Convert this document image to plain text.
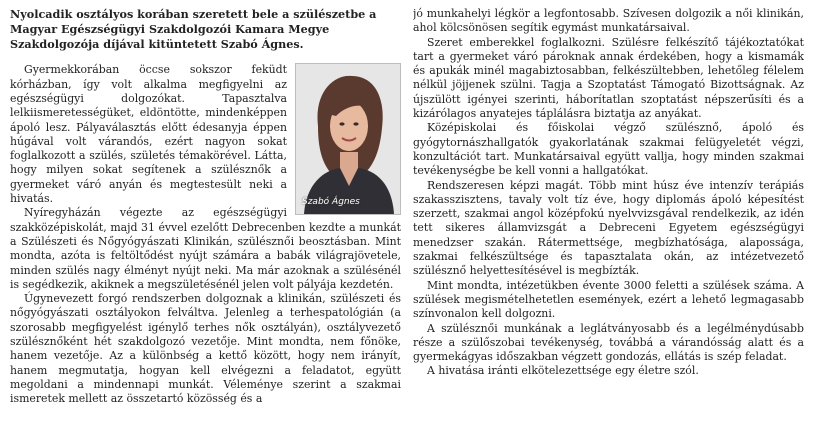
Nyolcadik osztályos korában szeretett bele a szülészetbe a Magyar Egészségügyi Szakdolgozói Kamara Megye Szakdolgozója díjával kitüntetett Szabó Ágnes.
Szabó Ágnes

Gyermekkorában öccse sokszor feküdt kórházban, így volt alkalma megfigyelni az egészségügyi dolgozókat. Tapasztalva lelkiismeretességüket, eldöntötte, mindenképpen ápoló lesz. Pályaválasztás előtt édesanyja éppen húgával volt várandós, ezért nagyon sokat foglalkozott a szülés, születés témakörével. Látta, hogy milyen sokat segítenek a szülésznők a gyermeket váró anyán és megtestesült neki a hivatás.

Nyíregyházán végezte az egészségügyi szakközépiskolát, majd 31 évvel ezelőtt Debrecenben kezdte a munkát a Szülészeti és Nőgyógyászati Klinikán, szülésznői beosztásban. Mint mondta, azóta is feltöltődést nyújt számára a babák világrajövetele, minden szülés nagy élményt nyújt neki. Ma már azoknak a szülésénél is segédkezik, akiknek a megszületésénél jelen volt pályája kezdetén.

Úgynevezett forgó rendszerben dolgoznak a klinikán, szülészeti és nőgyógyászati osztályokon felváltva. Jelenleg a terhespatológián (a szorosabb megfigyelést igénylő terhes nők osztályán), osztályvezető szülésznőként hét szakdolgozó vezetője. Mint mondta, nem főnöke, hanem vezetője. Az a különbség a kettő között, hogy nem irányít, hanem megmutatja, hogyan kell elvégezni a feladatot, együtt megoldani a mindennapi munkát. Véleménye szerint a szakmai ismeretek mellett az összetartó közösség és a

jó munkahelyi légkör a legfontosabb. Szívesen dolgozik a női klinikán, ahol kölcsönösen segítik egymást munkatársaival.

Szeret emberekkel foglalkozni. Szülésre felkészítő tájékoztatókat tart a gyermeket váró pároknak annak érdekében, hogy a kismamák és apukák minél magabiztosabban, felkészültebben, lehetőleg félelem nélkül jöjjenek szülni. Tagja a Szoptatást Támogató Bizottságnak. Az újszülött igényei szerinti, háborítatlan szoptatást népszerűsíti és a kizárólagos anyatejes táplálásra biztatja az anyákat.

Középiskolai és főiskolai végző szülésznő, ápoló és gyógytornászhallgatók gyakorlatának szakmai felügyeletét végzi, konzultációt tart. Munkatársaival együtt vallja, hogy minden szakmai tevékenységbe be kell vonni a hallgatókat.

Rendszeresen képzi magát. Több mint húsz éve intenzív terápiás szakasszisztens, tavaly volt tíz éve, hogy diplomás ápoló képesítést szerzett, szakmai angol középfokú nyelvvizsgával rendelkezik, az idén tett sikeres államvizsgát a Debreceni Egyetem egészségügyi menedzser szakán. Rátermettsége, megbízhatósága, alapossága, szakmai felkészültsége és tapasztalata okán, az intézetvezető szülésznő helyettesítésével is megbízták.

Mint mondta, intézetükben évente 3000 feletti a szülések száma. A szülések megismételhetetlen események, ezért a lehető legmagasabb színvonalon kell dolgozni.

A szülésznői munkának a leglátványosabb és a legélménydúsabb része a szülőszobai tevékenység, továbbá a várandósság alatt és a gyermekágyas időszakban végzett gondozás, ellátás is szép feladat.

A hivatása iránti elkötelezettsége egy életre szól.
